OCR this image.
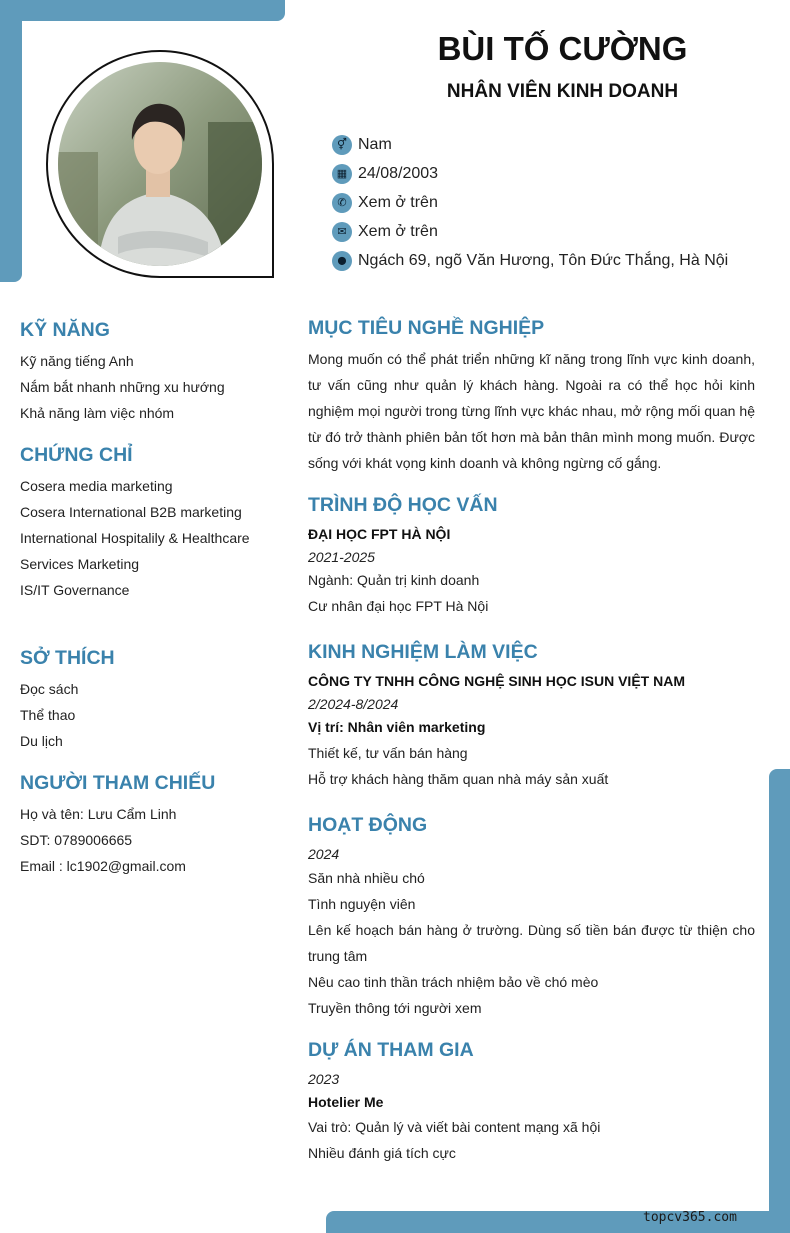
BÙI TỐ CƯỜNG
NHÂN VIÊN KINH DOANH
⚥ Nam
▦ 24/08/2003
✆ Xem ở trên
✉ Xem ở trên
⬤ Ngách 69, ngõ Văn Hương, Tôn Đức Thắng, Hà Nội
KỸ NĂNG
Kỹ năng tiếng Anh
Nắm bắt nhanh những xu hướng
Khả năng làm việc nhóm
CHỨNG CHỈ
Cosera media marketing
Cosera International B2B marketing
International Hospitalily & Healthcare
Services Marketing
IS/IT Governance
SỞ THÍCH
Đọc sách
Thể thao
Du lịch
NGƯỜI THAM CHIẾU
Họ và tên: Lưu Cẩm Linh
SDT: 0789006665
Email : lc1902@gmail.com
MỤC TIÊU NGHỀ NGHIỆP
Mong muốn có thể phát triển những kĩ năng trong lĩnh vực kinh doanh, tư vấn cũng như quản lý khách hàng. Ngoài ra có thể học hỏi kinh nghiệm mọi người trong từng lĩnh vực khác nhau, mở rộng mối quan hệ từ đó trở thành phiên bản tốt hơn mà bản thân mình mong muốn. Được sống với khát vọng kinh doanh và không ngừng cố gắng.
TRÌNH ĐỘ HỌC VẤN
ĐẠI HỌC FPT HÀ NỘI
2021-2025
Ngành: Quản trị kinh doanh
Cư nhân đại học FPT Hà Nội
KINH NGHIỆM LÀM VIỆC
CÔNG TY TNHH CÔNG NGHỆ SINH HỌC ISUN VIỆT NAM
2/2024-8/2024
Vị trí: Nhân viên marketing
Thiết kế, tư vấn bán hàng
Hỗ trợ khách hàng thăm quan nhà máy sản xuất
HOẠT ĐỘNG
2024
Săn nhà nhiều chó
Tình nguyện viên
Lên kế hoạch bán hàng ở trường. Dùng số tiền bán được từ thiện cho trung tâm
Nêu cao tinh thần trách nhiệm bảo về chó mèo
Truyền thông tới người xem
DỰ ÁN THAM GIA
2023
Hotelier Me
Vai trò: Quản lý và viết bài content mạng xã hội
Nhiều đánh giá tích cực
topcv365.com
